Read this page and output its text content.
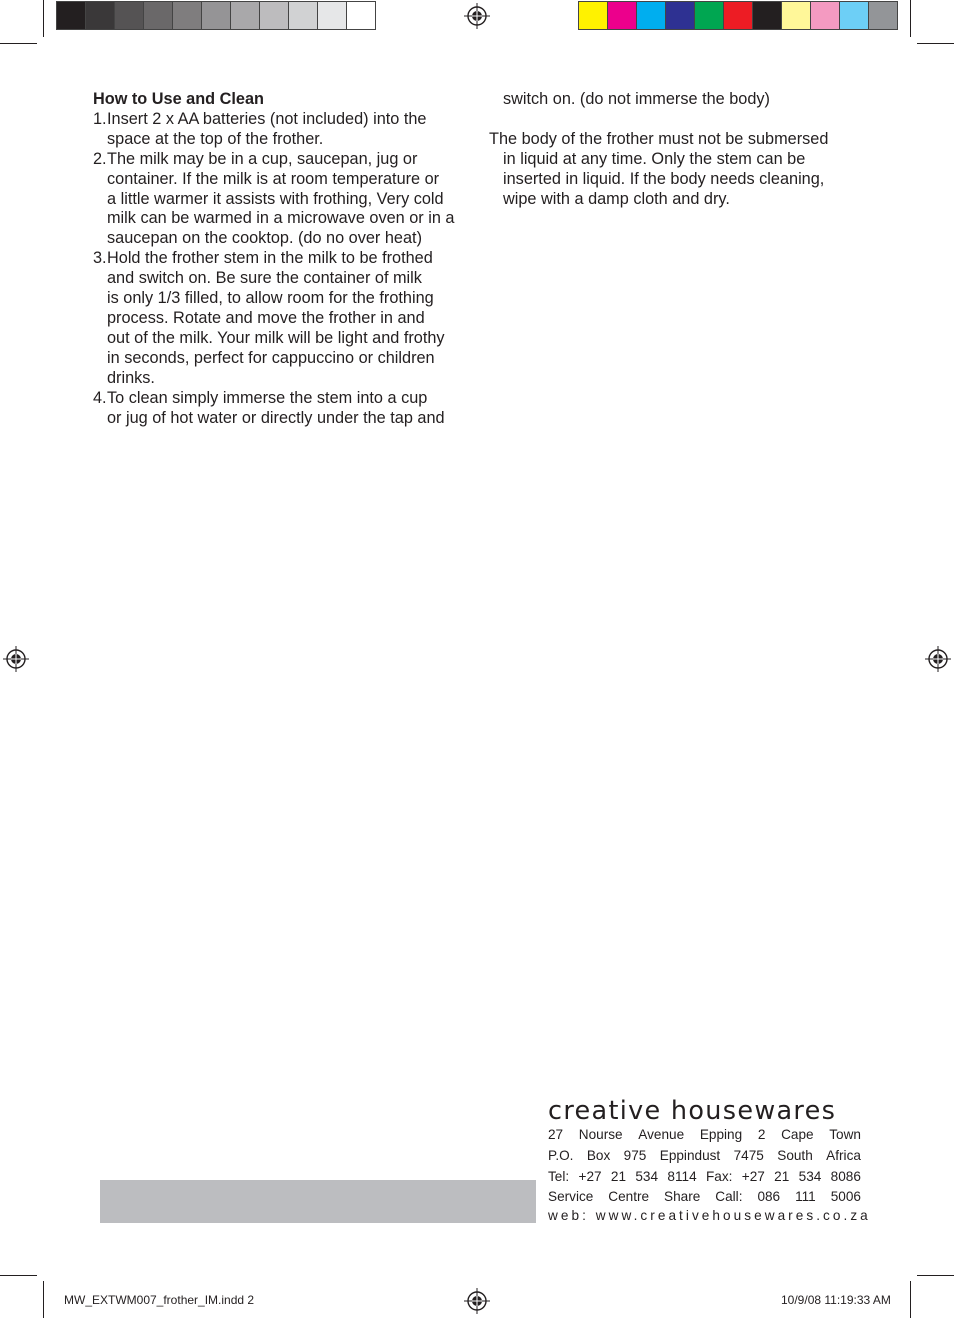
How to Use and Clean
1. Insert 2 x AA batteries (not included) into the
space at the top of the frother.
2. The milk may be in a cup, saucepan, jug or
container. If the milk is at room temperature or
a little warmer it assists with frothing, Very cold
milk can be warmed in a microwave oven or in a
saucepan on the cooktop. (do no over heat)
3. Hold the frother stem in the milk to be frothed
and switch on. Be sure the container of milk
is only 1/3 filled, to allow room for the frothing
process. Rotate and move the frother in and
out of the milk. Your milk will be light and frothy
in seconds, perfect for cappuccino or children
drinks.
4. To clean simply immerse the stem into a cup
or jug of hot water or directly under the tap and
switch on. (do not immerse the body)
The body of the frother must not be submersed
in liquid at any time. Only the stem can be
inserted in liquid. If the body needs cleaning,
wipe with a damp cloth and dry.
creative housewares
27 Nourse Avenue Epping 2 Cape Town
P.O. Box 975 Eppindust 7475 South Africa
Tel: +27 21 534 8114 Fax: +27 21 534 8086
Service Centre Share Call: 086 111 5006
web: www.creativehousewares.co.za
MW_EXTWM007_frother_IM.indd 2	10/9/08 11:19:33 AM
